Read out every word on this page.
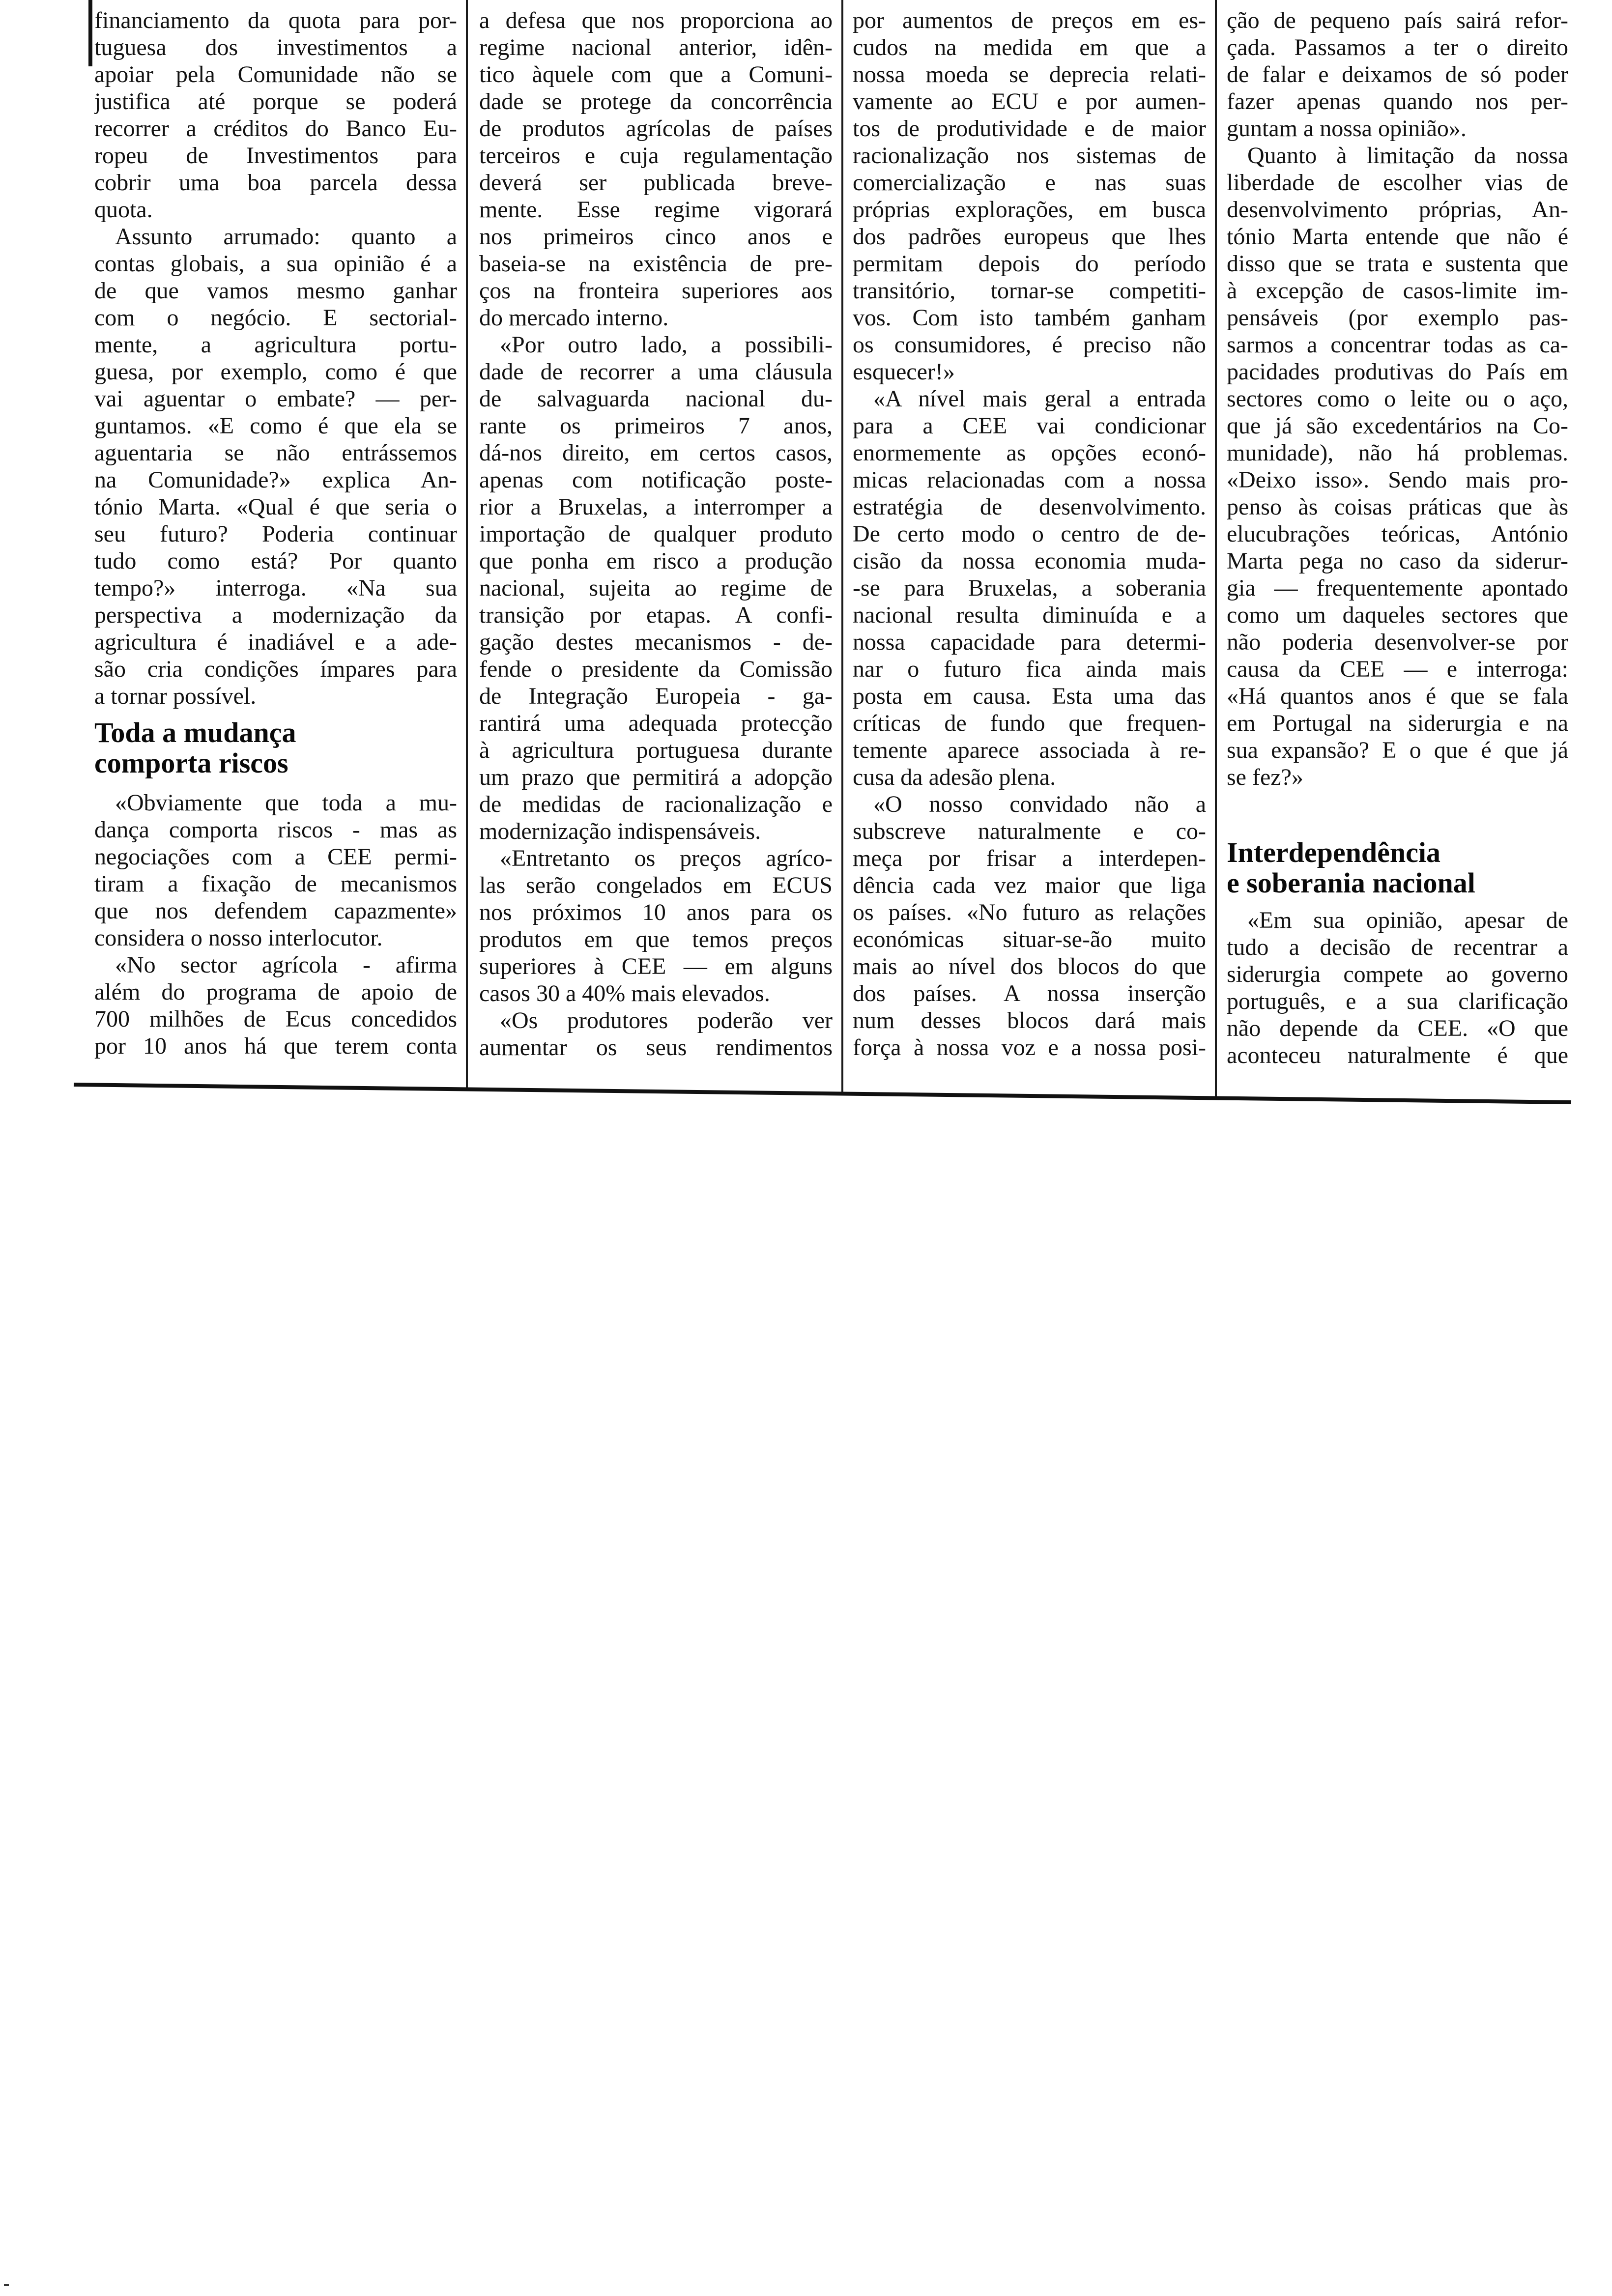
financiamento da quota para por-
tuguesa dos investimentos a
apoiar pela Comunidade não se
justifica até porque se poderá
recorrer a créditos do Banco Eu-
ropeu de Investimentos para
cobrir uma boa parcela dessa
quota.
Assunto arrumado: quanto a
contas globais, a sua opinião é a
de que vamos mesmo ganhar
com o negócio. E sectorial-
mente, a agricultura portu-
guesa, por exemplo, como é que
vai aguentar o embate? — per-
guntamos. «E como é que ela se
aguentaria se não entrássemos
na Comunidade?» explica An-
tónio Marta. «Qual é que seria o
seu futuro? Poderia continuar
tudo como está? Por quanto
tempo?» interroga. «Na sua
perspectiva a modernização da
agricultura é inadiável e a ade-
são cria condições ímpares para
a tornar possível.
Toda a mudança
comporta riscos
«Obviamente que toda a mu-
dança comporta riscos - mas as
negociações com a CEE permi-
tiram a fixação de mecanismos
que nos defendem capazmente»
considera o nosso interlocutor.
«No sector agrícola - afirma
além do programa de apoio de
700 milhões de Ecus concedidos
por 10 anos há que terem conta
a defesa que nos proporciona ao
regime nacional anterior, idên-
tico àquele com que a Comuni-
dade se protege da concorrência
de produtos agrícolas de países
terceiros e cuja regulamentação
deverá ser publicada breve-
mente. Esse regime vigorará
nos primeiros cinco anos e
baseia-se na existência de pre-
ços na fronteira superiores aos
do mercado interno.
«Por outro lado, a possibili-
dade de recorrer a uma cláusula
de salvaguarda nacional du-
rante os primeiros 7 anos,
dá-nos direito, em certos casos,
apenas com notificação poste-
rior a Bruxelas, a interromper a
importação de qualquer produto
que ponha em risco a produção
nacional, sujeita ao regime de
transição por etapas. A confi-
gação destes mecanismos - de-
fende o presidente da Comissão
de Integração Europeia - ga-
rantirá uma adequada protecção
à agricultura portuguesa durante
um prazo que permitirá a adopção
de medidas de racionalização e
modernização indispensáveis.
«Entretanto os preços agríco-
las serão congelados em ECUS
nos próximos 10 anos para os
produtos em que temos preços
superiores à CEE — em alguns
casos 30 a 40% mais elevados.
«Os produtores poderão ver
aumentar os seus rendimentos
por aumentos de preços em es-
cudos na medida em que a
nossa moeda se deprecia relati-
vamente ao ECU e por aumen-
tos de produtividade e de maior
racionalização nos sistemas de
comercialização e nas suas
próprias explorações, em busca
dos padrões europeus que lhes
permitam depois do período
transitório, tornar-se competiti-
vos. Com isto também ganham
os consumidores, é preciso não
esquecer!»
«A nível mais geral a entrada
para a CEE vai condicionar
enormemente as opções econó-
micas relacionadas com a nossa
estratégia de desenvolvimento.
De certo modo o centro de de-
cisão da nossa economia muda-
-se para Bruxelas, a soberania
nacional resulta diminuída e a
nossa capacidade para determi-
nar o futuro fica ainda mais
posta em causa. Esta uma das
críticas de fundo que frequen-
temente aparece associada à re-
cusa da adesão plena.
«O nosso convidado não a
subscreve naturalmente e co-
meça por frisar a interdepen-
dência cada vez maior que liga
os países. «No futuro as relações
económicas situar-se-ão muito
mais ao nível dos blocos do que
dos países. A nossa inserção
num desses blocos dará mais
força à nossa voz e a nossa posi-
ção de pequeno país sairá refor-
çada. Passamos a ter o direito
de falar e deixamos de só poder
fazer apenas quando nos per-
guntam a nossa opinião».
Quanto à limitação da nossa
liberdade de escolher vias de
desenvolvimento próprias, An-
tónio Marta entende que não é
disso que se trata e sustenta que
à excepção de casos-limite im-
pensáveis (por exemplo pas-
sarmos a concentrar todas as ca-
pacidades produtivas do País em
sectores como o leite ou o aço,
que já são excedentários na Co-
munidade), não há problemas.
«Deixo isso». Sendo mais pro-
penso às coisas práticas que às
elucubrações teóricas, António
Marta pega no caso da siderur-
gia — frequentemente apontado
como um daqueles sectores que
não poderia desenvolver-se por
causa da CEE — e interroga:
«Há quantos anos é que se fala
em Portugal na siderurgia e na
sua expansão? E o que é que já
se fez?»
Interdependência
e soberania nacional
«Em sua opinião, apesar de
tudo a decisão de recentrar a
siderurgia compete ao governo
português, e a sua clarificação
não depende da CEE. «O que
aconteceu naturalmente é que
